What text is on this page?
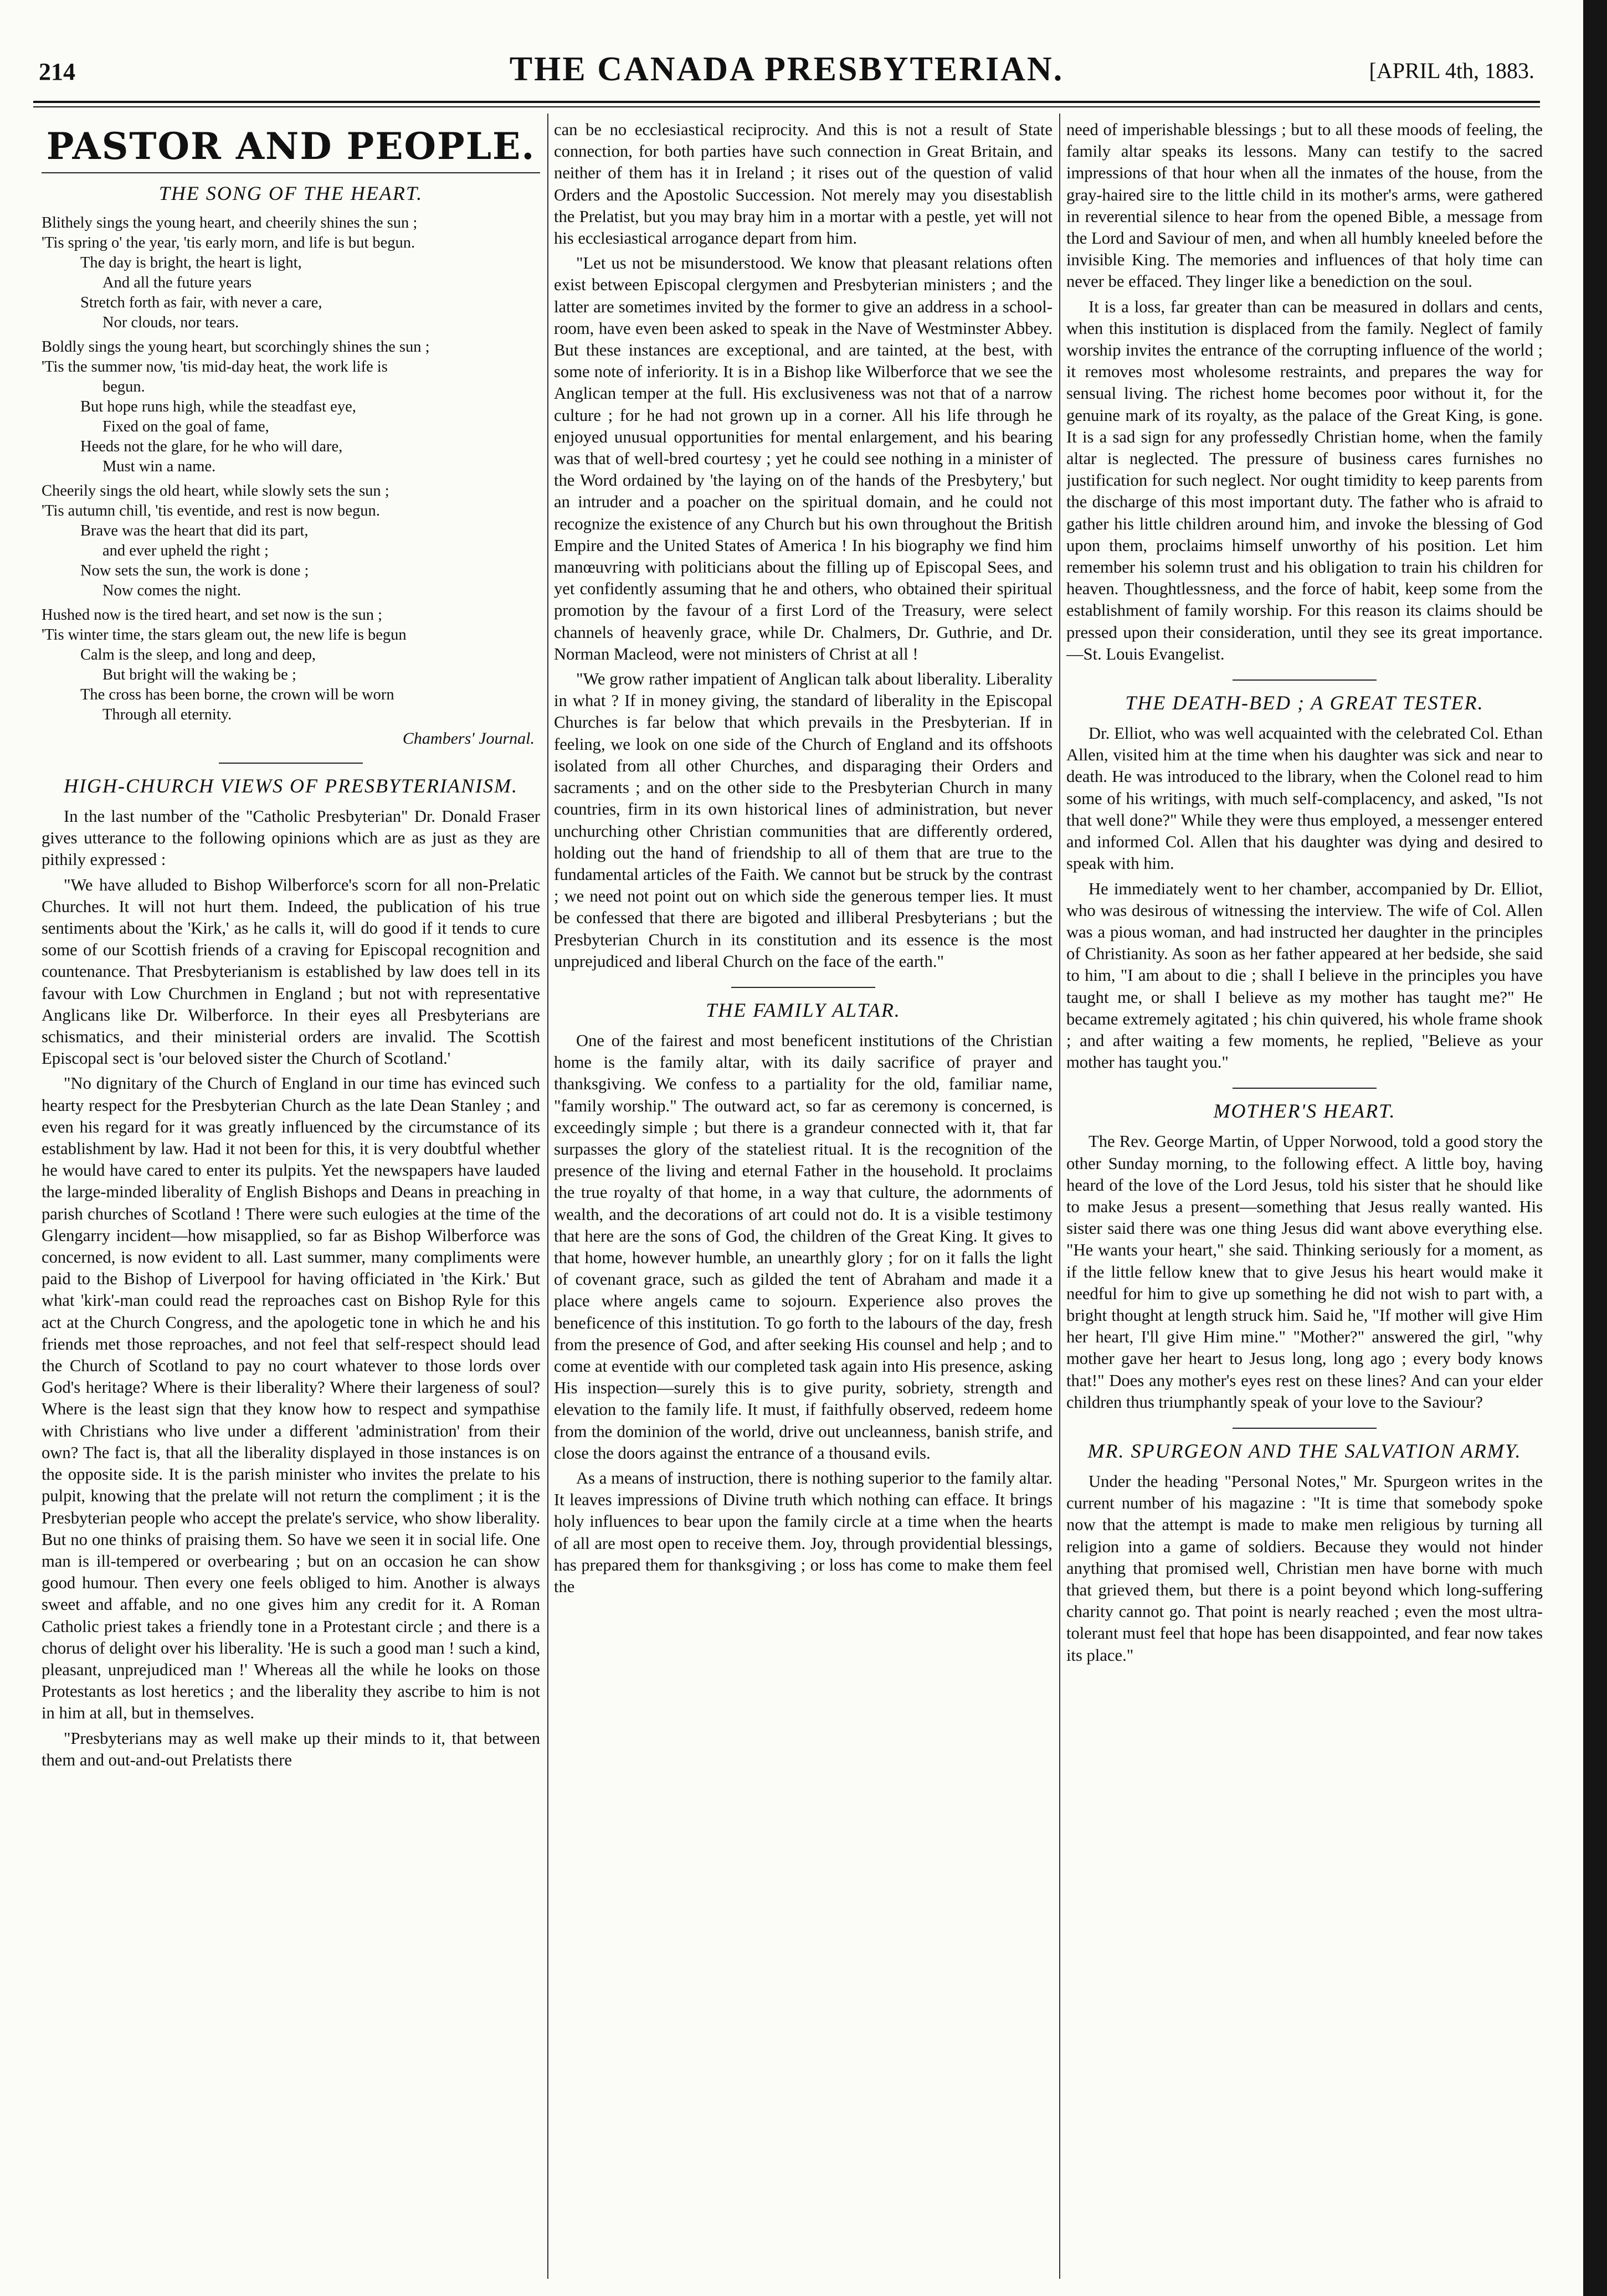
214	THE CANADA PRESBYTERIAN.	[APRIL 4th, 1883.
PASTOR AND PEOPLE.
THE SONG OF THE HEART.
Blithely sings the young heart, and cheerily shines the sun ;
'Tis spring o' the year, 'tis early morn, and life is but begun.
The day is bright, the heart is light,
And all the future years
Stretch forth as fair, with never a care,
Nor clouds, nor tears.
Boldly sings the young heart, but scorchingly shines the sun ;
'Tis the summer now, 'tis mid-day heat, the work life is
begun.
But hope runs high, while the steadfast eye,
Fixed on the goal of fame,
Heeds not the glare, for he who will dare,
Must win a name.
Cheerily sings the old heart, while slowly sets the sun ;
'Tis autumn chill, 'tis eventide, and rest is now begun.
Brave was the heart that did its part,
and ever upheld the right ;
Now sets the sun, the work is done ;
Now comes the night.
Hushed now is the tired heart, and set now is the sun ;
'Tis winter time, the stars gleam out, the new life is begun
Calm is the sleep, and long and deep,
But bright will the waking be ;
The cross has been borne, the crown will be worn
Through all eternity.
Chambers' Journal.
HIGH-CHURCH VIEWS OF PRESBYTERIANISM.

In the last number of the "Catholic Presbyterian" Dr. Donald Fraser gives utterance to the following opinions which are as just as they are pithily expressed :

"We have alluded to Bishop Wilberforce's scorn for all non-Prelatic Churches. It will not hurt them. Indeed, the publication of his true sentiments about the 'Kirk,' as he calls it, will do good if it tends to cure some of our Scottish friends of a craving for Episcopal recognition and countenance. That Presbyterianism is established by law does tell in its favour with Low Churchmen in England ; but not with representative Anglicans like Dr. Wilberforce. In their eyes all Presbyterians are schismatics, and their ministerial orders are invalid. The Scottish Episcopal sect is 'our beloved sister the Church of Scotland.'

"No dignitary of the Church of England in our time has evinced such hearty respect for the Presbyterian Church as the late Dean Stanley ; and even his regard for it was greatly influenced by the circumstance of its establishment by law. Had it not been for this, it is very doubtful whether he would have cared to enter its pulpits. Yet the newspapers have lauded the large-minded liberality of English Bishops and Deans in preaching in parish churches of Scotland ! There were such eulogies at the time of the Glengarry incident—how misapplied, so far as Bishop Wilberforce was concerned, is now evident to all. Last summer, many compliments were paid to the Bishop of Liverpool for having officiated in 'the Kirk.' But what 'kirk'-man could read the reproaches cast on Bishop Ryle for this act at the Church Congress, and the apologetic tone in which he and his friends met those reproaches, and not feel that self-respect should lead the Church of Scotland to pay no court whatever to those lords over God's heritage? Where is their liberality? Where their largeness of soul? Where is the least sign that they know how to respect and sympathise with Christians who live under a different 'administration' from their own? The fact is, that all the liberality displayed in those instances is on the opposite side. It is the parish minister who invites the prelate to his pulpit, knowing that the prelate will not return the compliment ; it is the Presbyterian people who accept the prelate's service, who show liberality. But no one thinks of praising them. So have we seen it in social life. One man is ill-tempered or overbearing ; but on an occasion he can show good humour. Then every one feels obliged to him. Another is always sweet and affable, and no one gives him any credit for it. A Roman Catholic priest takes a friendly tone in a Protestant circle ; and there is a chorus of delight over his liberality. 'He is such a good man ! such a kind, pleasant, unprejudiced man !' Whereas all the while he looks on those Protestants as lost heretics ; and the liberality they ascribe to him is not in him at all, but in themselves.

"Presbyterians may as well make up their minds to it, that between them and out-and-out Prelatists there

can be no ecclesiastical reciprocity. And this is not a result of State connection, for both parties have such connection in Great Britain, and neither of them has it in Ireland ; it rises out of the question of valid Orders and the Apostolic Succession. Not merely may you disestablish the Prelatist, but you may bray him in a mortar with a pestle, yet will not his ecclesiastical arrogance depart from him.

"Let us not be misunderstood. We know that pleasant relations often exist between Episcopal clergymen and Presbyterian ministers ; and the latter are sometimes invited by the former to give an address in a school-room, have even been asked to speak in the Nave of Westminster Abbey. But these instances are exceptional, and are tainted, at the best, with some note of inferiority. It is in a Bishop like Wilberforce that we see the Anglican temper at the full. His exclusiveness was not that of a narrow culture ; for he had not grown up in a corner. All his life through he enjoyed unusual opportunities for mental enlargement, and his bearing was that of well-bred courtesy ; yet he could see nothing in a minister of the Word ordained by 'the laying on of the hands of the Presbytery,' but an intruder and a poacher on the spiritual domain, and he could not recognize the existence of any Church but his own throughout the British Empire and the United States of America ! In his biography we find him manœuvring with politicians about the filling up of Episcopal Sees, and yet confidently assuming that he and others, who obtained their spiritual promotion by the favour of a first Lord of the Treasury, were select channels of heavenly grace, while Dr. Chalmers, Dr. Guthrie, and Dr. Norman Macleod, were not ministers of Christ at all !

"We grow rather impatient of Anglican talk about liberality. Liberality in what ? If in money giving, the standard of liberality in the Episcopal Churches is far below that which prevails in the Presbyterian. If in feeling, we look on one side of the Church of England and its offshoots isolated from all other Churches, and disparaging their Orders and sacraments ; and on the other side to the Presbyterian Church in many countries, firm in its own historical lines of administration, but never unchurching other Christian communities that are differently ordered, holding out the hand of friendship to all of them that are true to the fundamental articles of the Faith. We cannot but be struck by the contrast ; we need not point out on which side the generous temper lies. It must be confessed that there are bigoted and illiberal Presbyterians ; but the Presbyterian Church in its constitution and its essence is the most unprejudiced and liberal Church on the face of the earth."

THE FAMILY ALTAR.

One of the fairest and most beneficent institutions of the Christian home is the family altar, with its daily sacrifice of prayer and thanksgiving. We confess to a partiality for the old, familiar name, "family worship." The outward act, so far as ceremony is concerned, is exceedingly simple ; but there is a grandeur connected with it, that far surpasses the glory of the stateliest ritual. It is the recognition of the presence of the living and eternal Father in the household. It proclaims the true royalty of that home, in a way that culture, the adornments of wealth, and the decorations of art could not do. It is a visible testimony that here are the sons of God, the children of the Great King. It gives to that home, however humble, an unearthly glory ; for on it falls the light of covenant grace, such as gilded the tent of Abraham and made it a place where angels came to sojourn. Experience also proves the beneficence of this institution. To go forth to the labours of the day, fresh from the presence of God, and after seeking His counsel and help ; and to come at eventide with our completed task again into His presence, asking His inspection—surely this is to give purity, sobriety, strength and elevation to the family life. It must, if faithfully observed, redeem home from the dominion of the world, drive out uncleanness, banish strife, and close the doors against the entrance of a thousand evils.

As a means of instruction, there is nothing superior to the family altar. It leaves impressions of Divine truth which nothing can efface. It brings holy influences to bear upon the family circle at a time when the hearts of all are most open to receive them. Joy, through providential blessings, has prepared them for thanksgiving ; or loss has come to make them feel the

need of imperishable blessings ; but to all these moods of feeling, the family altar speaks its lessons. Many can testify to the sacred impressions of that hour when all the inmates of the house, from the gray-haired sire to the little child in its mother's arms, were gathered in reverential silence to hear from the opened Bible, a message from the Lord and Saviour of men, and when all humbly kneeled before the invisible King. The memories and influences of that holy time can never be effaced. They linger like a benediction on the soul.

It is a loss, far greater than can be measured in dollars and cents, when this institution is displaced from the family. Neglect of family worship invites the entrance of the corrupting influence of the world ; it removes most wholesome restraints, and prepares the way for sensual living. The richest home becomes poor without it, for the genuine mark of its royalty, as the palace of the Great King, is gone. It is a sad sign for any professedly Christian home, when the family altar is neglected. The pressure of business cares furnishes no justification for such neglect. Nor ought timidity to keep parents from the discharge of this most important duty. The father who is afraid to gather his little children around him, and invoke the blessing of God upon them, proclaims himself unworthy of his position. Let him remember his solemn trust and his obligation to train his children for heaven. Thoughtlessness, and the force of habit, keep some from the establishment of family worship. For this reason its claims should be pressed upon their consideration, until they see its great importance.—St. Louis Evangelist.

THE DEATH-BED ; A GREAT TESTER.

Dr. Elliot, who was well acquainted with the celebrated Col. Ethan Allen, visited him at the time when his daughter was sick and near to death. He was introduced to the library, when the Colonel read to him some of his writings, with much self-complacency, and asked, "Is not that well done?" While they were thus employed, a messenger entered and informed Col. Allen that his daughter was dying and desired to speak with him.

He immediately went to her chamber, accompanied by Dr. Elliot, who was desirous of witnessing the interview. The wife of Col. Allen was a pious woman, and had instructed her daughter in the principles of Christianity. As soon as her father appeared at her bedside, she said to him, "I am about to die ; shall I believe in the principles you have taught me, or shall I believe as my mother has taught me?" He became extremely agitated ; his chin quivered, his whole frame shook ; and after waiting a few moments, he replied, "Believe as your mother has taught you."

MOTHER'S HEART.

The Rev. George Martin, of Upper Norwood, told a good story the other Sunday morning, to the following effect. A little boy, having heard of the love of the Lord Jesus, told his sister that he should like to make Jesus a present—something that Jesus really wanted. His sister said there was one thing Jesus did want above everything else. "He wants your heart," she said. Thinking seriously for a moment, as if the little fellow knew that to give Jesus his heart would make it needful for him to give up something he did not wish to part with, a bright thought at length struck him. Said he, "If mother will give Him her heart, I'll give Him mine." "Mother?" answered the girl, "why mother gave her heart to Jesus long, long ago ; every body knows that!" Does any mother's eyes rest on these lines? And can your elder children thus triumphantly speak of your love to the Saviour?

MR. SPURGEON AND THE SALVATION ARMY.

Under the heading "Personal Notes," Mr. Spurgeon writes in the current number of his magazine : "It is time that somebody spoke now that the attempt is made to make men religious by turning all religion into a game of soldiers. Because they would not hinder anything that promised well, Christian men have borne with much that grieved them, but there is a point beyond which long-suffering charity cannot go. That point is nearly reached ; even the most ultra-tolerant must feel that hope has been disappointed, and fear now takes its place."
